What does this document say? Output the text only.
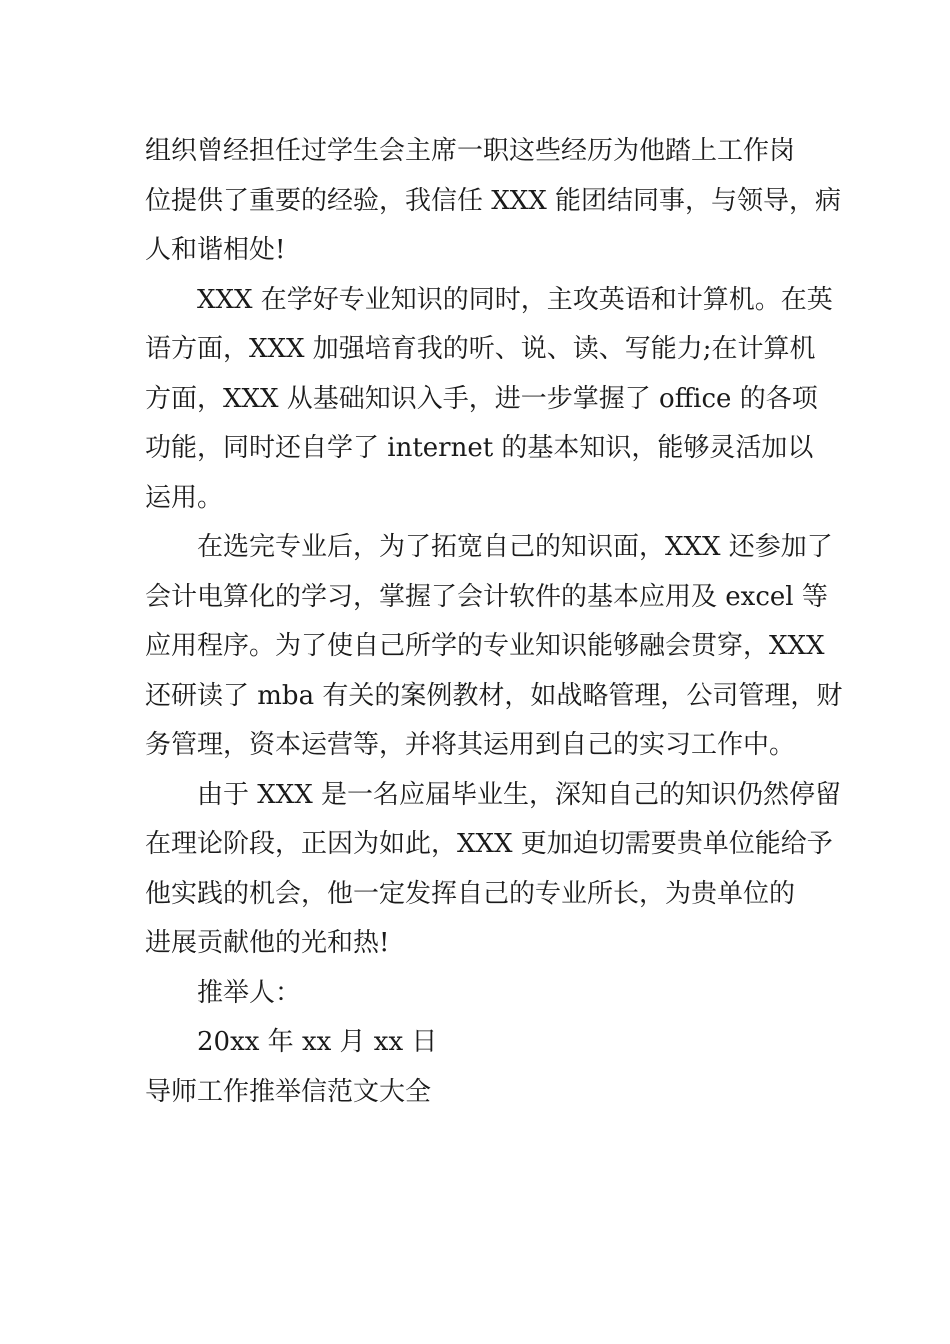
组织曾经担任过学生会主席一职这些经历为他踏上工作岗
位提供了重要的经验，我信任 XXX 能团结同事，与领导，病
人和谐相处!
XXX 在学好专业知识的同时，主攻英语和计算机。在英
语方面，XXX 加强培育我的听、说、读、写能力;在计算机
方面，XXX 从基础知识入手，进一步掌握了 office 的各项
功能，同时还自学了 internet 的基本知识，能够灵活加以
运用。
在选完专业后，为了拓宽自己的知识面，XXX 还参加了
会计电算化的学习，掌握了会计软件的基本应用及 excel 等
应用程序。为了使自己所学的专业知识能够融会贯穿，XXX
还研读了 mba 有关的案例教材，如战略管理，公司管理，财
务管理，资本运营等，并将其运用到自己的实习工作中。
由于 XXX 是一名应届毕业生，深知自己的知识仍然停留
在理论阶段，正因为如此，XXX 更加迫切需要贵单位能给予
他实践的机会，他一定发挥自己的专业所长，为贵单位的
进展贡献他的光和热!
推举人：
20xx 年 xx 月 xx 日
导师工作推举信范文大全
